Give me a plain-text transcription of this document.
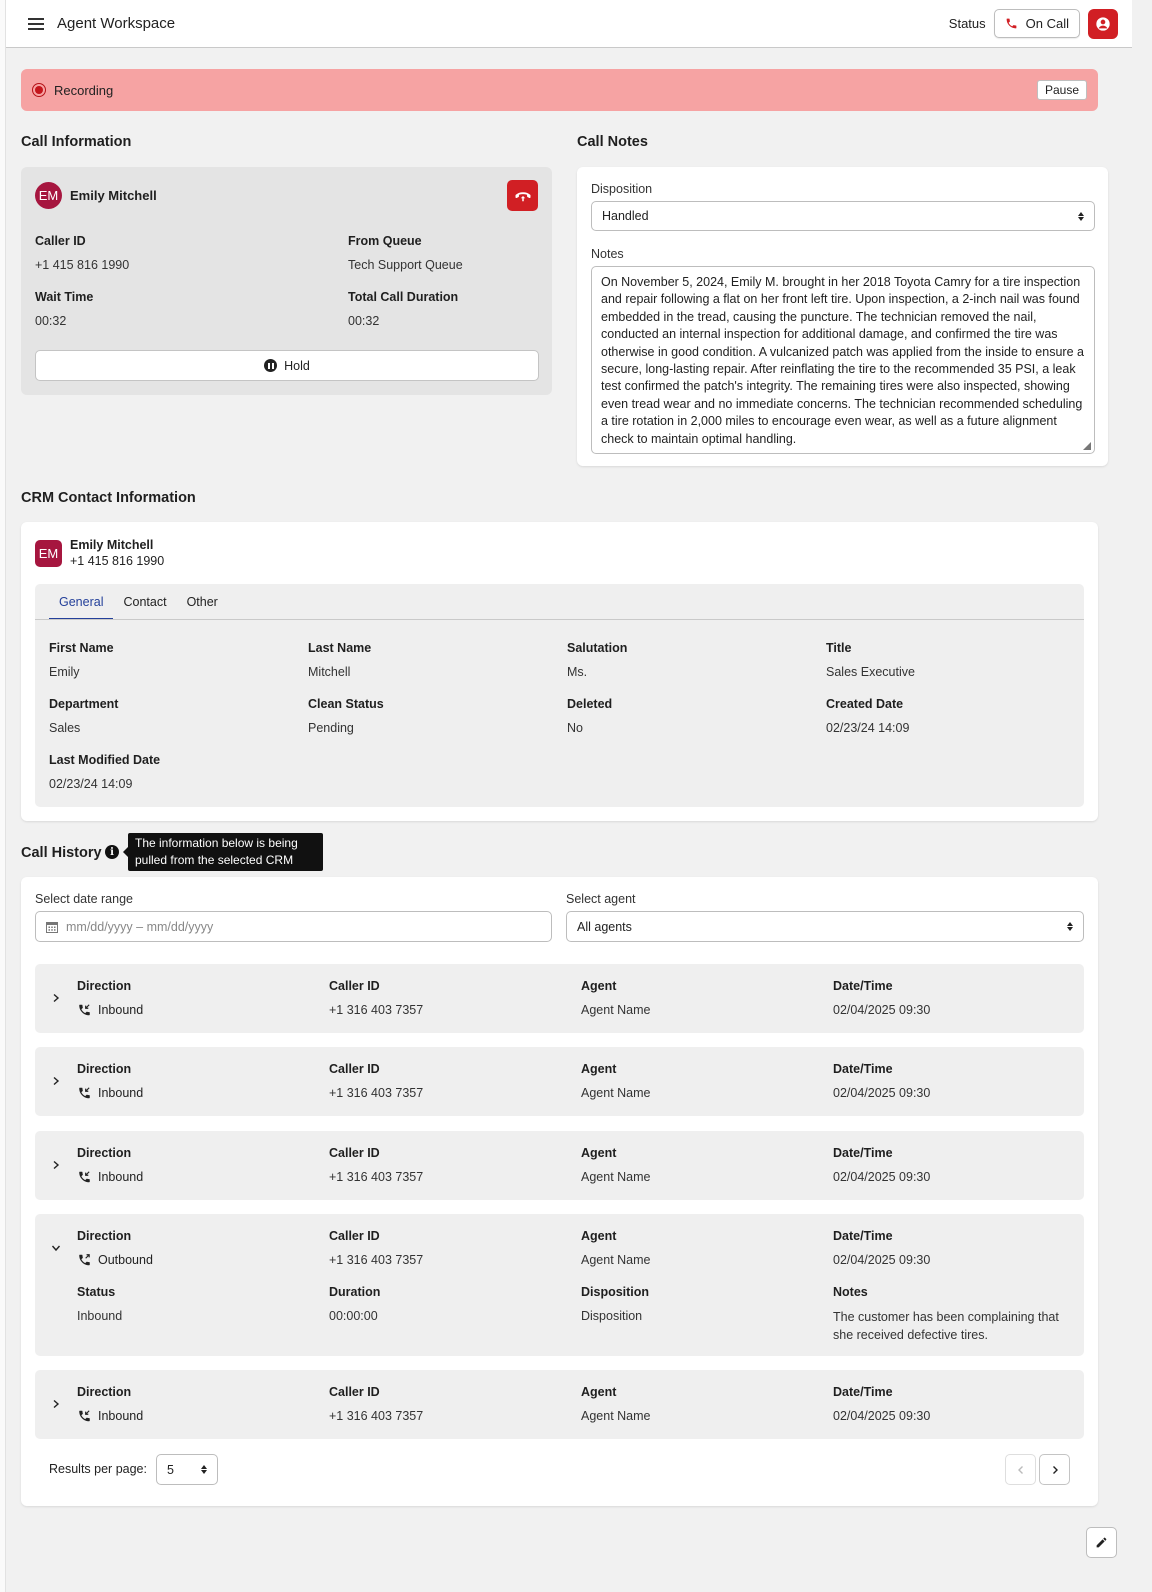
Agent Workspace	Status	On Call
Recording	Pause
Call Information
EM Emily Mitchell
Caller ID
+1 415 816 1990
From Queue
Tech Support Queue
Wait Time
00:32
Total Call Duration
00:32
Hold
Call Notes
Disposition
Handled
Notes
On November 5, 2024, Emily M. brought in her 2018 Toyota Camry for a tire inspection and repair following a flat on her front left tire. Upon inspection, a 2-inch nail was found embedded in the tread, causing the puncture. The technician removed the nail, conducted an internal inspection for additional damage, and confirmed the tire was otherwise in good condition. A vulcanized patch was applied from the inside to ensure a secure, long-lasting repair. After reinflating the tire to the recommended 35 PSI, a leak test confirmed the patch's integrity. The remaining tires were also inspected, showing even tread wear and no immediate concerns. The technician recommended scheduling a tire rotation in 2,000 miles to encourage even wear, as well as a future alignment check to maintain optimal handling.
CRM Contact Information
EM
Emily Mitchell
+1 415 816 1990
General	Contact	Other
First Name
Emily
Last Name
Mitchell
Salutation
Ms.
Title
Sales Executive
Department
Sales
Clean Status
Pending
Deleted
No
Created Date
02/23/24 14:09
Last Modified Date
02/23/24 14:09
Call History i
The information below is being pulled from the selected CRM
Select date range
mm/dd/yyyy – mm/dd/yyyy
Select agent
All agents
Direction
Inbound
Caller ID
+1 316 403 7357
Agent
Agent Name
Date/Time
02/04/2025 09:30
Direction
Inbound
Caller ID
+1 316 403 7357
Agent
Agent Name
Date/Time
02/04/2025 09:30
Direction
Inbound
Caller ID
+1 316 403 7357
Agent
Agent Name
Date/Time
02/04/2025 09:30
Direction
Outbound
Caller ID
+1 316 403 7357
Agent
Agent Name
Date/Time
02/04/2025 09:30
Status
Inbound
Duration
00:00:00
Disposition
Disposition
Notes
The customer has been complaining that she received defective tires.
Direction
Inbound
Caller ID
+1 316 403 7357
Agent
Agent Name
Date/Time
02/04/2025 09:30
Results per page: 5
